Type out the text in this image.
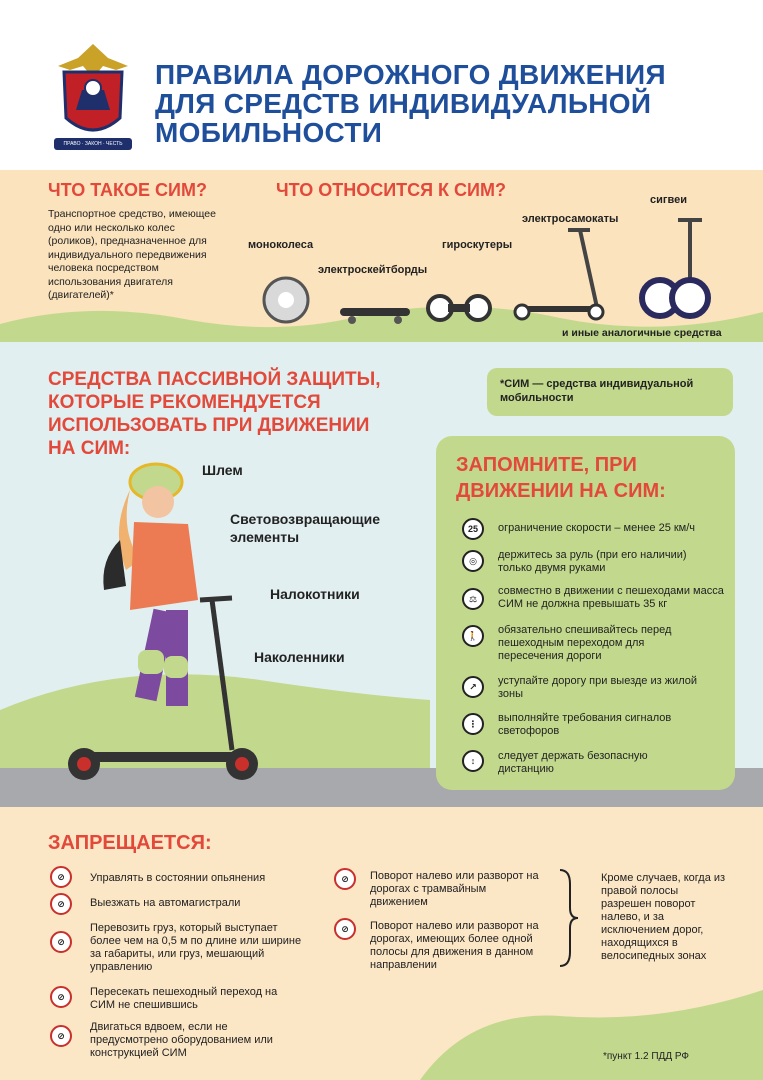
ПРАВО · ЗАКОН · ЧЕСТЬ
ПРАВИЛА ДОРОЖНОГО ДВИЖЕНИЯ
ДЛЯ СРЕДСТВ ИНДИВИДУАЛЬНОЙ
МОБИЛЬНОСТИ
ЧТО ТАКОЕ СИМ?
Транспортное средство, имеющее одно или несколько колес (роликов), предназначенное для индивидуального передвижения человека посредством использования двигателя (двигателей)*
ЧТО ОТНОСИТСЯ К СИМ?
моноколеса
электроскейтборды
гироскутеры
электросамокаты
сигвеи
и иные аналогичные средства
СРЕДСТВА ПАССИВНОЙ ЗАЩИТЫ,
КОТОРЫЕ РЕКОМЕНДУЕТСЯ
ИСПОЛЬЗОВАТЬ ПРИ ДВИЖЕНИИ
НА СИМ:
*СИМ — средства индивидуальной мобильности
Шлем
Световозвращающие элементы
Налокотники
Наколенники
ЗАПОМНИТЕ, ПРИ
ДВИЖЕНИИ НА СИМ:
25	ограничение скорости – менее 25 км/ч
◎	держитесь за руль (при его наличии) только двумя руками
⚖
совместно в движении с пешеходами масса СИМ не должна превышать 35 кг
🚶	обязательно спешивайтесь перед пешеходным переходом для пересечения дороги
↗	уступайте дорогу при выезде из жилой зоны
⋮	выполняйте требования сигналов светофоров
↕	следует держать безопасную дистанцию
ЗАПРЕЩАЕТСЯ:
⊘	Управлять в состоянии опьянения
⊘	Выезжать на автомагистрали
⊘
Перевозить груз, который выступает более чем на 0,5 м по длине или ширине за габариты, или груз, мешающий управлению
⊘	Пересекать пешеходный переход на СИМ не спешившись
⊘
Двигаться вдвоем, если не предусмотрено оборудованием или конструкцией СИМ
⊘	Поворот налево или разворот на дорогах с трамвайным движением
⊘	Поворот налево или разворот на дорогах, имеющих более одной полосы для движения в данном направлении
Кроме случаев, когда из правой полосы разрешен поворот налево, и за исключением дорог, находящихся в велосипедных зонах
*пункт 1.2 ПДД РФ
